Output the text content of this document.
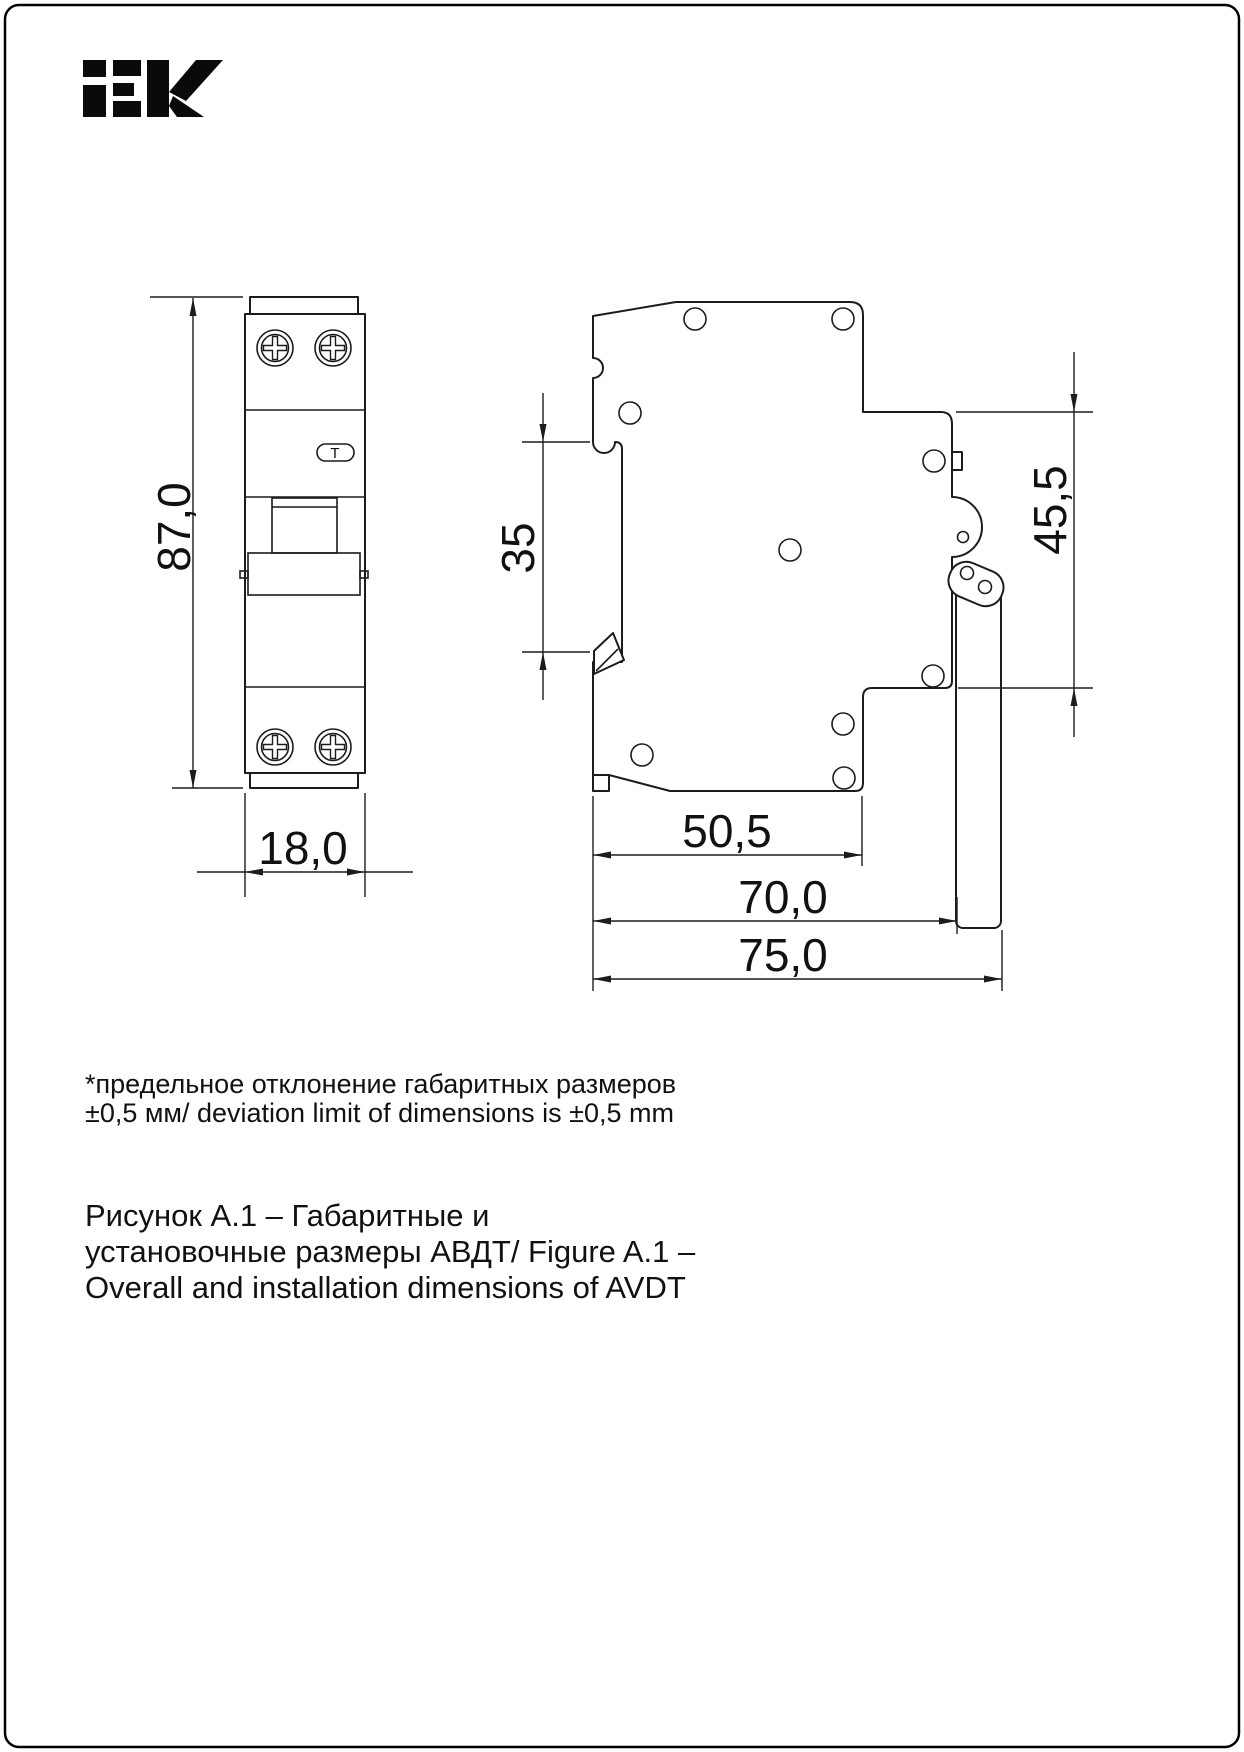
T
87,0
18,0
35	45,5
50,5
70,0
75,0
*предельное отклонение габаритных размеров
±0,5 мм/ deviation limit of dimensions is ±0,5 mm
Рисунок А.1 – Габаритные и
установочные размеры АВДТ/ Figure A.1 –
Overall and installation dimensions of AVDT
